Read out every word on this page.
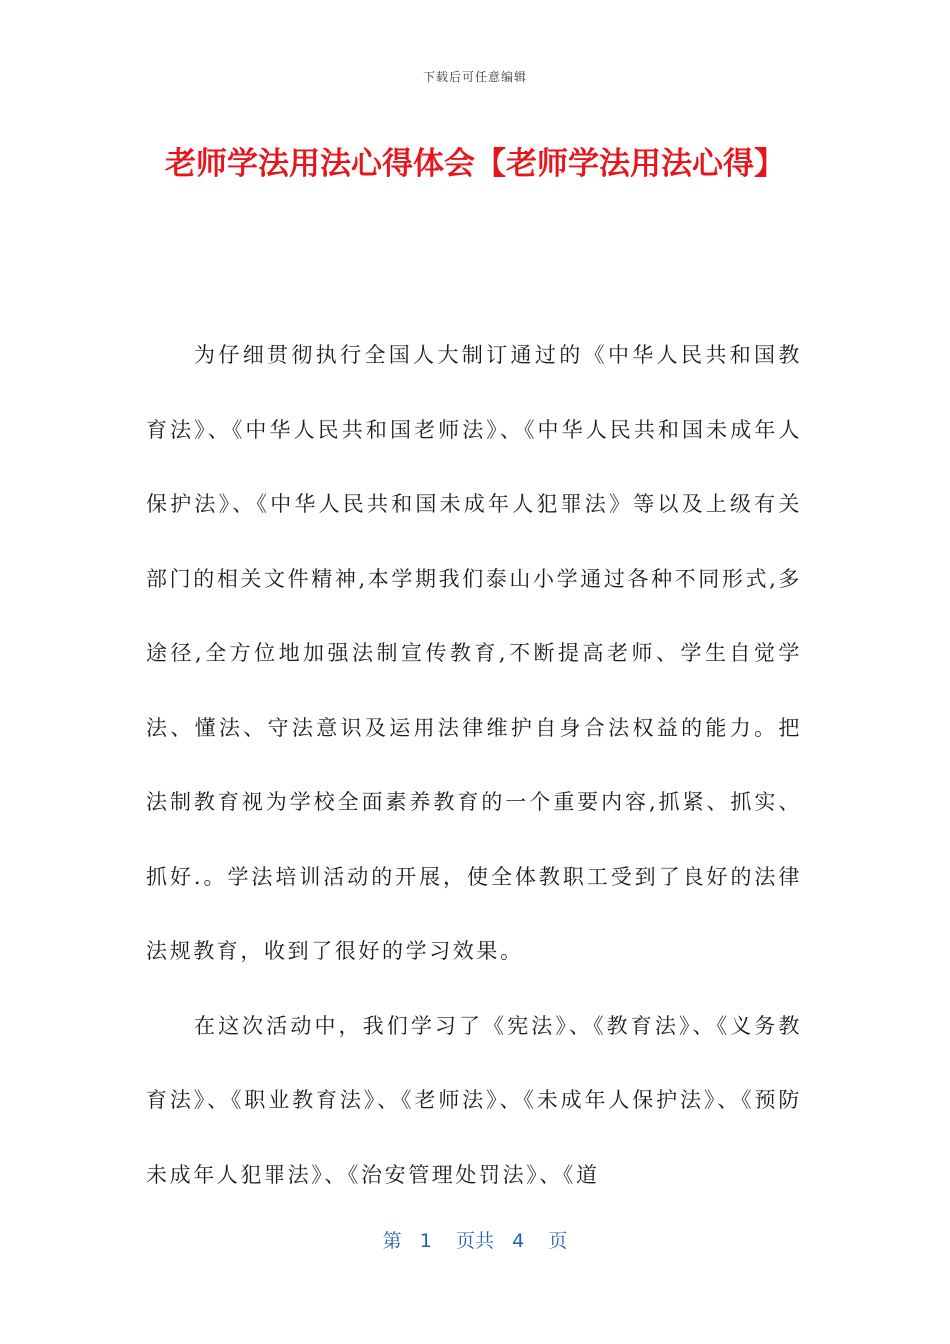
下载后可任意编辑
老师学法用法心得体会【老师学法用法心得】

为仔细贯彻执行全国人大制订通过的《中华人民共和国教育法》、《中华人民共和国老师法》、《中华人民共和国未成年人保护法》、《中华人民共和国未成年人犯罪法》等以及上级有关部门的相关文件精神,本学期我们泰山小学通过各种不同形式,多途径,全方位地加强法制宣传教育,不断提高老师、学生自觉学法、懂法、守法意识及运用法律维护自身合法权益的能力。把法制教育视为学校全面素养教育的一个重要内容,抓紧、抓实、抓好.。学法培训活动的开展，使全体教职工受到了良好的法律法规教育，收到了很好的学习效果。

在这次活动中，我们学习了《宪法》、《教育法》、《义务教育法》、《职业教育法》、《老师法》、《未成年人保护法》、《预防未成年人犯罪法》、《治安管理处罚法》、《道

第 1 页共 4 页
